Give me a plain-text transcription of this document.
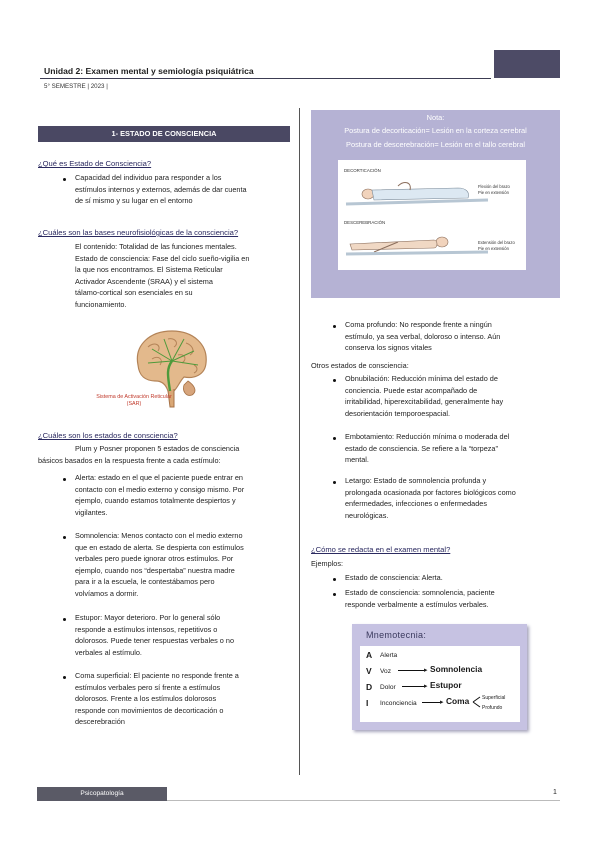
Unidad 2: Examen mental y semiología psiquiátrica
5° SEMESTRE | 2023 |
1- ESTADO DE CONSCIENCIA
¿Qué es Estado de Consciencia?
Capacidad del individuo para responder a los
estímulos internos y externos, además de dar cuenta
de sí mismo y su lugar en el entorno
¿Cuáles son las bases neurofisiológicas de la consciencia?
El contenido: Totalidad de las funciones mentales.
Estado de consciencia: Fase del ciclo sueño-vigilia en
la que nos encontramos. El Sistema Reticular
Activador Ascendente (SRAA) y el sistema
tálamo-cortical son esenciales en su
funcionamiento.
Sistema de Activación Reticular
(SAR)
¿Cuáles son los estados de consciencia?
Plum y Posner proponen 5 estados de consciencia
básicos basados en la respuesta frente a cada estímulo:
Alerta: estado en el que el paciente puede entrar en
contacto con el medio externo y consigo mismo. Por
ejemplo, cuando estamos totalmente despiertos y
vigilantes.
Somnolencia: Menos contacto con el medio externo
que en estado de alerta. Se despierta con estímulos
verbales pero puede ignorar otros estímulos. Por
ejemplo, cuando nos “despertaba” nuestra madre
para ir a la escuela, le contestábamos pero
volvíamos a dormir.
Estupor: Mayor deterioro. Por lo general sólo
responde a estímulos intensos, repetitivos o
dolorosos. Puede tener respuestas verbales o no
verbales al estímulo.
Coma superficial: El paciente no responde frente a
estímulos verbales pero sí frente a estímulos
dolorosos. Frente a los estímulos dolorosos
responde con movimientos de decorticación o
descerebración
Nota:
Postura de decorticación= Lesión en la corteza cerebral
Postura de descerebración= Lesión en el tallo cerebral
DECORTICACIÓN
Flexión del brazo
Pie en extensión
DESCEREBRACIÓN
Extensión del brazo
Pie en extensión
Coma profundo: No responde frente a ningún
estímulo, ya sea verbal, doloroso o intenso. Aún
conserva los signos vitales
Otros estados de consciencia:
Obnubilación: Reducción mínima del estado de
conciencia. Puede estar acompañado de
irritabilidad, hiperexcitabilidad, generalmente hay
desorientación temporoespacial.
Embotamiento: Reducción mínima o moderada del
estado de consciencia. Se refiere a la “torpeza”
mental.
Letargo: Estado de somnolencia profunda y
prolongada ocasionada por factores biológicos como
enfermedades, infecciones o enfermedades
neurológicas.
¿Cómo se redacta en el examen mental?
Ejemplos:
Estado de consciencia: Alerta.
Estado de consciencia: somnolencia, paciente
responde verbalmente a estímulos verbales.
Mnemotecnia:
A Alerta
V Voz	▸ Somnolencia
D Dolor	▸ Estupor
I Inconciencia	▸ Coma	Superficial
Profundo
Psicopatología	1
